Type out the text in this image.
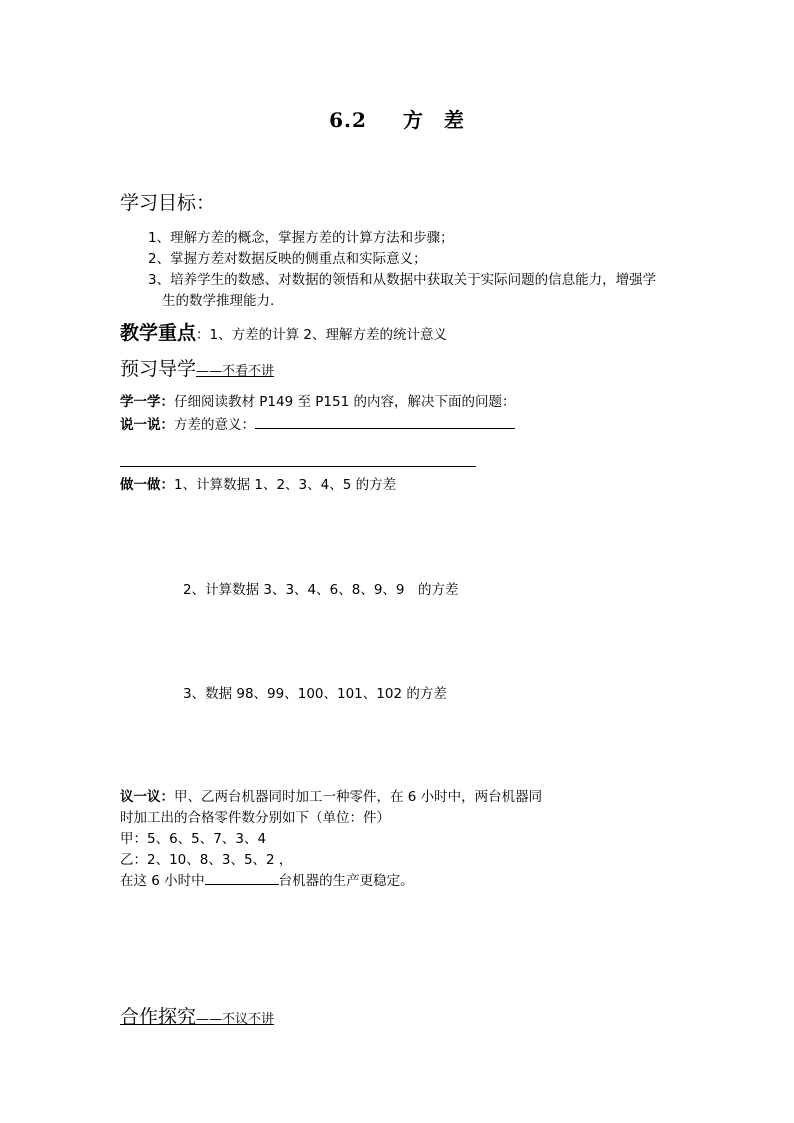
6.2 方 差
学习目标：
1、理解方差的概念，掌握方差的计算方法和步骤；
2、掌握方差对数据反映的侧重点和实际意义；
3、培养学生的数感、对数据的领悟和从数据中获取关于实际问题的信息能力，增强学
生的数学推理能力.
教学重点：1、方差的计算 2、理解方差的统计意义
预习导学——不看不讲
学一学：仔细阅读教材 P149 至 P151 的内容，解决下面的问题：
说一说：方差的意义：
做一做：1、计算数据 1、2、3、4、5 的方差
2、计算数据 3、3、4、6、8、9、9　的方差
3、数据 98、99、100、101、102 的方差
议一议：甲、乙两台机器同时加工一种零件，在 6 小时中，两台机器同
时加工出的合格零件数分别如下（单位：件）
甲：5、6、5、7、3、4
乙：2、10、8、3、5、2 ，
在这 6 小时中	台机器的生产更稳定。
合作探究——不议不讲
